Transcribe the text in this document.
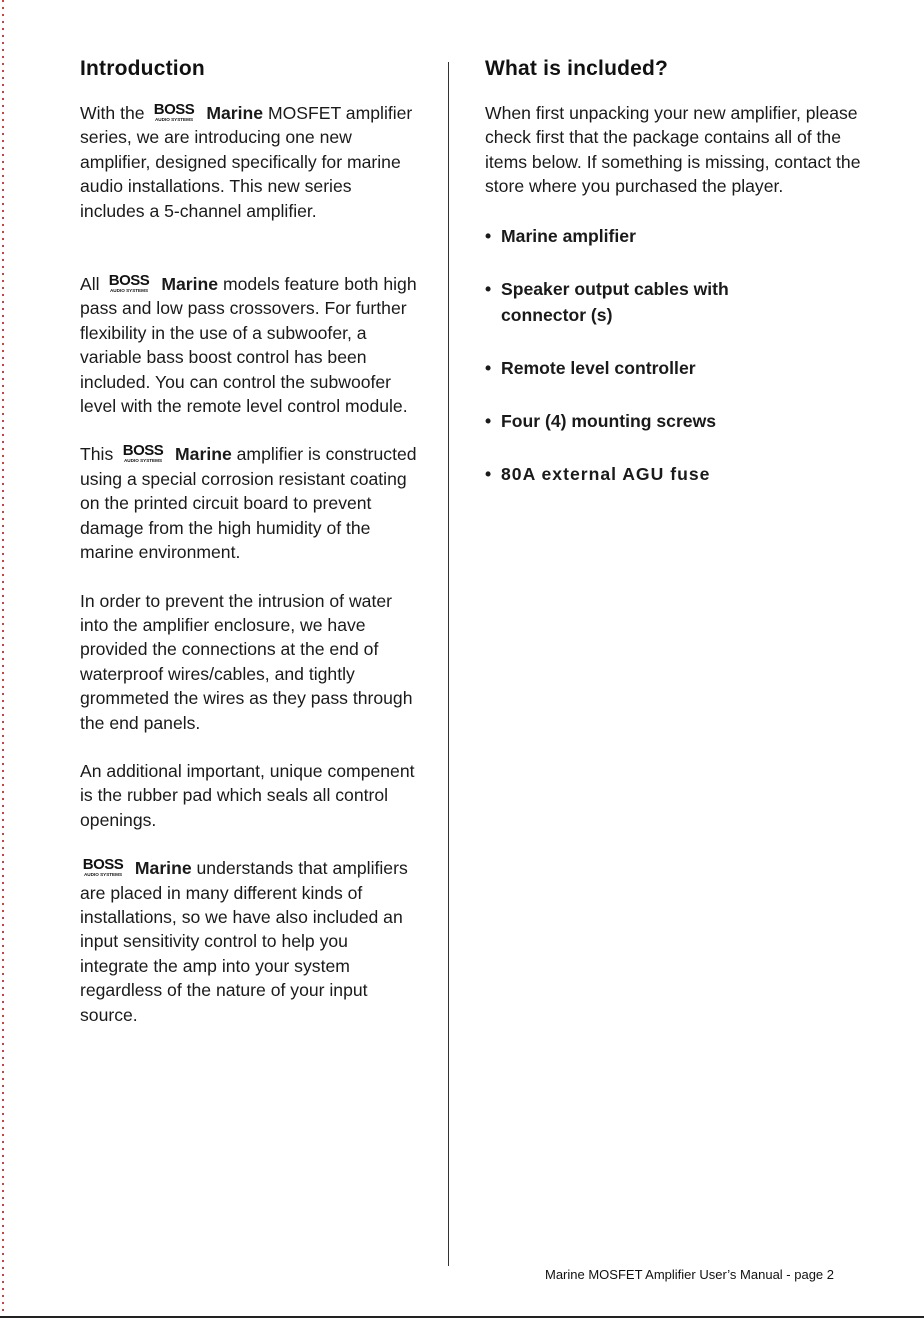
Introduction

With the BOSS
AUDIO SYSTEMS Marine MOSFET amplifier series, we are introducing one new amplifier, designed specifically for marine audio installations. This new series includes a 5-channel amplifier.

All BOSS
AUDIO SYSTEMS Marine models feature both high pass and low pass crossovers. For further flexibility in the use of a subwoofer, a variable bass boost control has been included. You can control the subwoofer level with the remote level control module.

This BOSS
AUDIO SYSTEMS Marine amplifier is constructed using a special corrosion resistant coating on the printed circuit board to prevent damage from the high humidity of the marine environment.

In order to prevent the intrusion of water into the amplifier enclosure, we have provided the connections at the end of waterproof wires/cables, and tightly grommeted the wires as they pass through the end panels.

An additional important, unique compenent is the rubber pad which seals all control openings.

BOSS
AUDIO SYSTEMS Marine understands that amplifiers are placed in many different kinds of installations, so we have also included an input sensitivity control to help you integrate the amp into your system regardless of the nature of your input source.

What is included?

When first unpacking your new amplifier, please check first that the package contains all of the items below. If something is missing, contact the store where you purchased the player.

• Marine amplifier
• Speaker output cables with connector (s)
• Remote level controller
• Four (4) mounting screws
• 80A external AGU fuse
Marine MOSFET Amplifier User’s Manual - page 2
